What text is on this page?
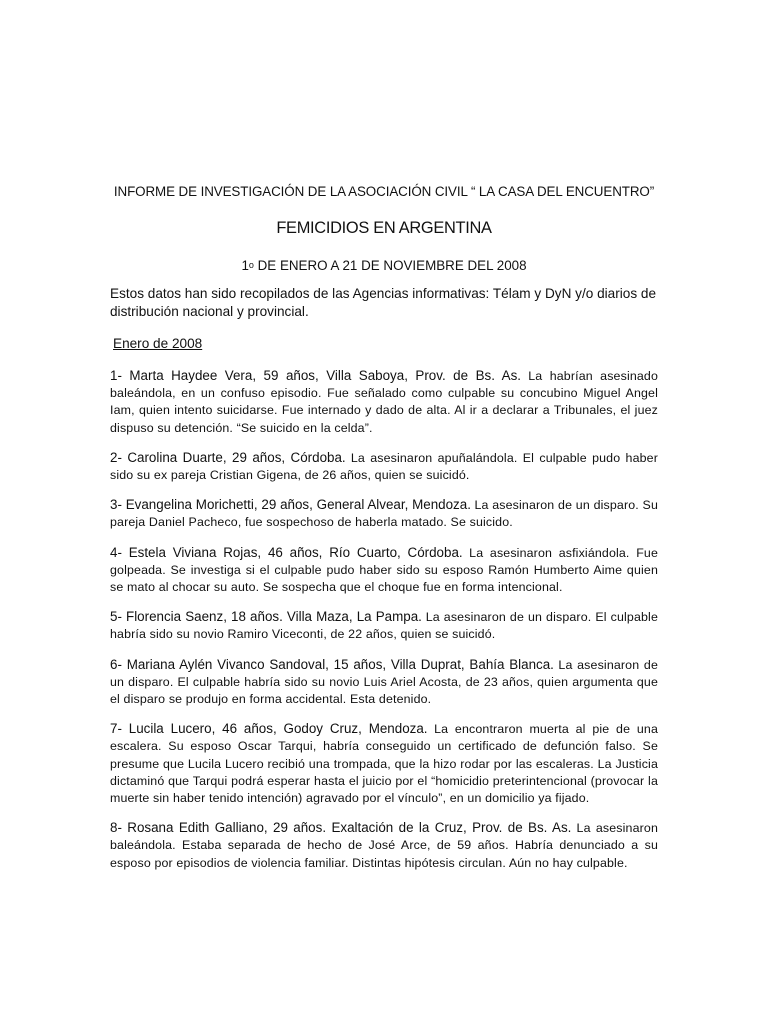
INFORME DE INVESTIGACIÓN DE LA ASOCIACIÓN CIVIL “ LA CASA DEL ENCUENTRO”
FEMICIDIOS EN ARGENTINA
1$^o$ DE ENERO A 21 DE NOVIEMBRE DEL 2008
Estos datos han sido recopilados de las Agencias informativas: Télam y DyN y/o diarios de distribución nacional y provincial.
Enero de 2008

1- Marta Haydee Vera, 59 años, Villa Saboya, Prov. de Bs. As. La habrían asesinado baleándola, en un confuso episodio. Fue señalado como culpable su concubino Miguel Angel Iam, quien intento suicidarse. Fue internado y dado de alta. Al ir a declarar a Tribunales, el juez dispuso su detención. “Se suicido en la celda”.

2- Carolina Duarte, 29 años, Córdoba. La asesinaron apuñalándola. El culpable pudo haber sido su ex pareja Cristian Gigena, de 26 años, quien se suicidó.

3- Evangelina Morichetti, 29 años, General Alvear, Mendoza. La asesinaron de un disparo. Su pareja Daniel Pacheco, fue sospechoso de haberla matado. Se suicido.

4- Estela Viviana Rojas, 46 años, Río Cuarto, Córdoba. La asesinaron asfixiándola. Fue golpeada. Se investiga si el culpable pudo haber sido su esposo Ramón Humberto Aime quien se mato al chocar su auto. Se sospecha que el choque fue en forma intencional.

5- Florencia Saenz, 18 años. Villa Maza, La Pampa. La asesinaron de un disparo. El culpable habría sido su novio Ramiro Viceconti, de 22 años, quien se suicidó.

6- Mariana Aylén Vivanco Sandoval, 15 años, Villa Duprat, Bahía Blanca. La asesinaron de un disparo. El culpable habría sido su novio Luis Ariel Acosta, de 23 años, quien argumenta que el disparo se produjo en forma accidental. Esta detenido.

7- Lucila Lucero, 46 años, Godoy Cruz, Mendoza. La encontraron muerta al pie de una escalera. Su esposo Oscar Tarqui, habría conseguido un certificado de defunción falso. Se presume que Lucila Lucero recibió una trompada, que la hizo rodar por las escaleras. La Justicia dictaminó que Tarqui podrá esperar hasta el juicio por el “homicidio preterintencional (provocar la muerte sin haber tenido intención) agravado por el vínculo”, en un domicilio ya fijado.

8- Rosana Edith Galliano, 29 años. Exaltación de la Cruz, Prov. de Bs. As. La asesinaron baleándola. Estaba separada de hecho de José Arce, de 59 años. Habría denunciado a su esposo por episodios de violencia familiar. Distintas hipótesis circulan. Aún no hay culpable.
